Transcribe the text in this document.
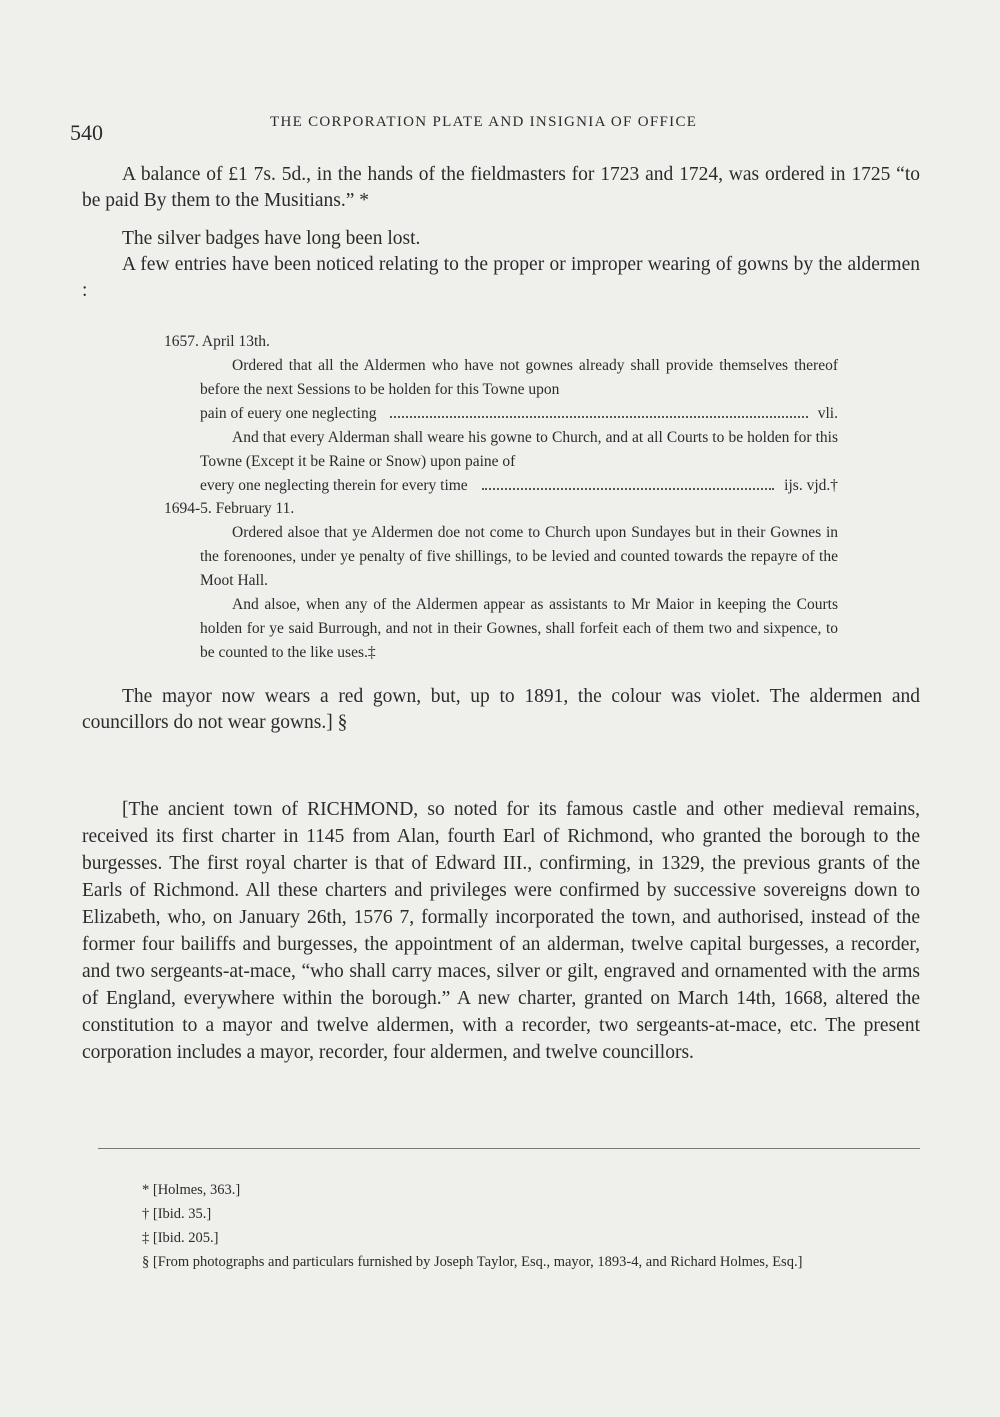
540	THE CORPORATION PLATE AND INSIGNIA OF OFFICE

A balance of £1 7s. 5d., in the hands of the fieldmasters for 1723 and 1724, was ordered in 1725 “to be paid By them to the Musitians.” *

The silver badges have long been lost.

A few entries have been noticed relating to the proper or improper wearing of gowns by the aldermen :

1657. April 13th.

Ordered that all the Aldermen who have not gownes already shall provide themselves thereof before the next Sessions to be holden for this Towne upon

pain of euery one neglecting	vli.

And that every Alderman shall weare his gowne to Church, and at all Courts to be holden for this Towne (Except it be Raine or Snow) upon paine of

every one neglecting therein for every time	ijs. vjd.†
1694-5. February 11.

Ordered alsoe that ye Aldermen doe not come to Church upon Sundayes but in their Gownes in the forenoones, under ye penalty of five shillings, to be levied and counted towards the repayre of the Moot Hall.

And alsoe, when any of the Aldermen appear as assistants to Mr Maior in keeping the Courts holden for ye said Burrough, and not in their Gownes, shall forfeit each of them two and sixpence, to be counted to the like uses.‡

The mayor now wears a red gown, but, up to 1891, the colour was violet. The aldermen and councillors do not wear gowns.] §

[The ancient town of RICHMOND, so noted for its famous castle and other medieval remains, received its first charter in 1145 from Alan, fourth Earl of Richmond, who granted the borough to the burgesses. The first royal charter is that of Edward III., confirming, in 1329, the previous grants of the Earls of Richmond. All these charters and privileges were confirmed by successive sovereigns down to Elizabeth, who, on January 26th, 1576 7, formally incorporated the town, and authorised, instead of the former four bailiffs and burgesses, the appointment of an alderman, twelve capital burgesses, a recorder, and two sergeants-at-mace, “who shall carry maces, silver or gilt, engraved and ornamented with the arms of England, everywhere within the borough.” A new charter, granted on March 14th, 1668, altered the constitution to a mayor and twelve aldermen, with a recorder, two sergeants-at-mace, etc. The present corporation includes a mayor, recorder, four aldermen, and twelve councillors.

* [Holmes, 363.]

† [Ibid. 35.]

‡ [Ibid. 205.]

§ [From photographs and particulars furnished by Joseph Taylor, Esq., mayor, 1893-4, and Richard Holmes, Esq.]
